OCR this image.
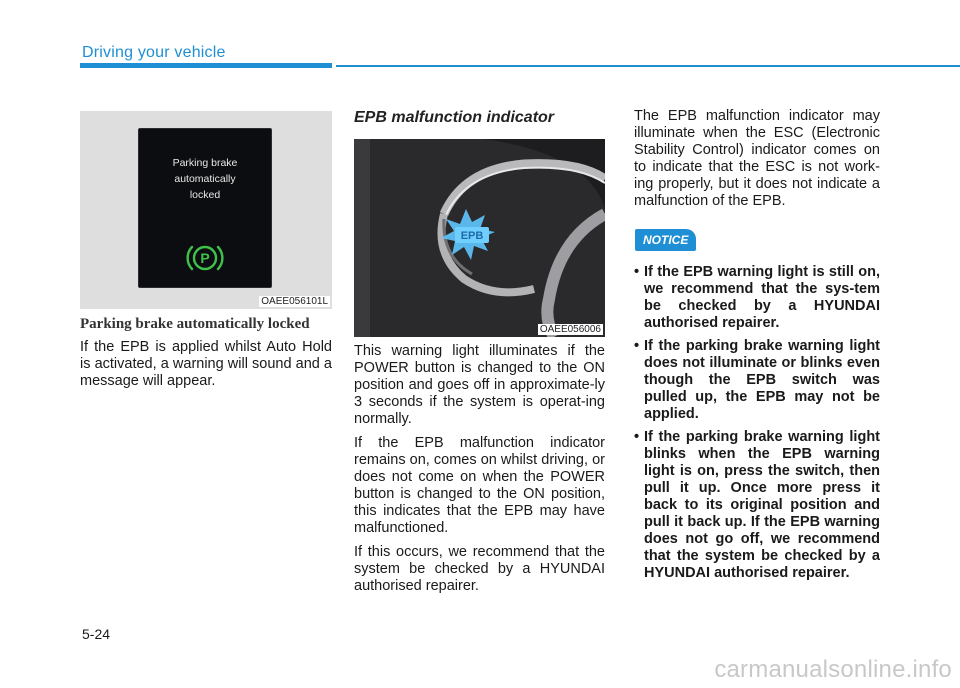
Driving your vehicle
Parking brake
automatically
locked
P
OAEE056101L
Parking brake automatically locked

If the EPB is applied whilst Auto Hold is activated, a warning will sound and a message will appear.

EPB malfunction indicator
EPB
OAEE056006

This warning light illuminates if the POWER button is changed to the ON position and goes off in approximate-ly 3 seconds if the system is operat-ing normally.

If the EPB malfunction indicator remains on, comes on whilst driving, or does not come on when the POWER button is changed to the ON position, this indicates that the EPB may have malfunctioned.

If this occurs, we recommend that the system be checked by a HYUNDAI authorised repairer.

The EPB malfunction indicator may illuminate when the ESC (Electronic Stability Control) indicator comes on to indicate that the ESC is not work-ing properly, but it does not indicate a malfunction of the EPB.

NOTICE
• If the EPB warning light is still on, we recommend that the sys-tem be checked by a HYUNDAI authorised repairer.
• If the parking brake warning light does not illuminate or blinks even though the EPB switch was pulled up, the EPB may not be applied.
• If the parking brake warning light blinks when the EPB warning light is on, press the switch, then pull it up. Once more press it back to its original position and pull it back up. If the EPB warning does not go off, we recommend that the system be checked by a HYUNDAI authorised repairer.
5-24
carmanualsonline.info
